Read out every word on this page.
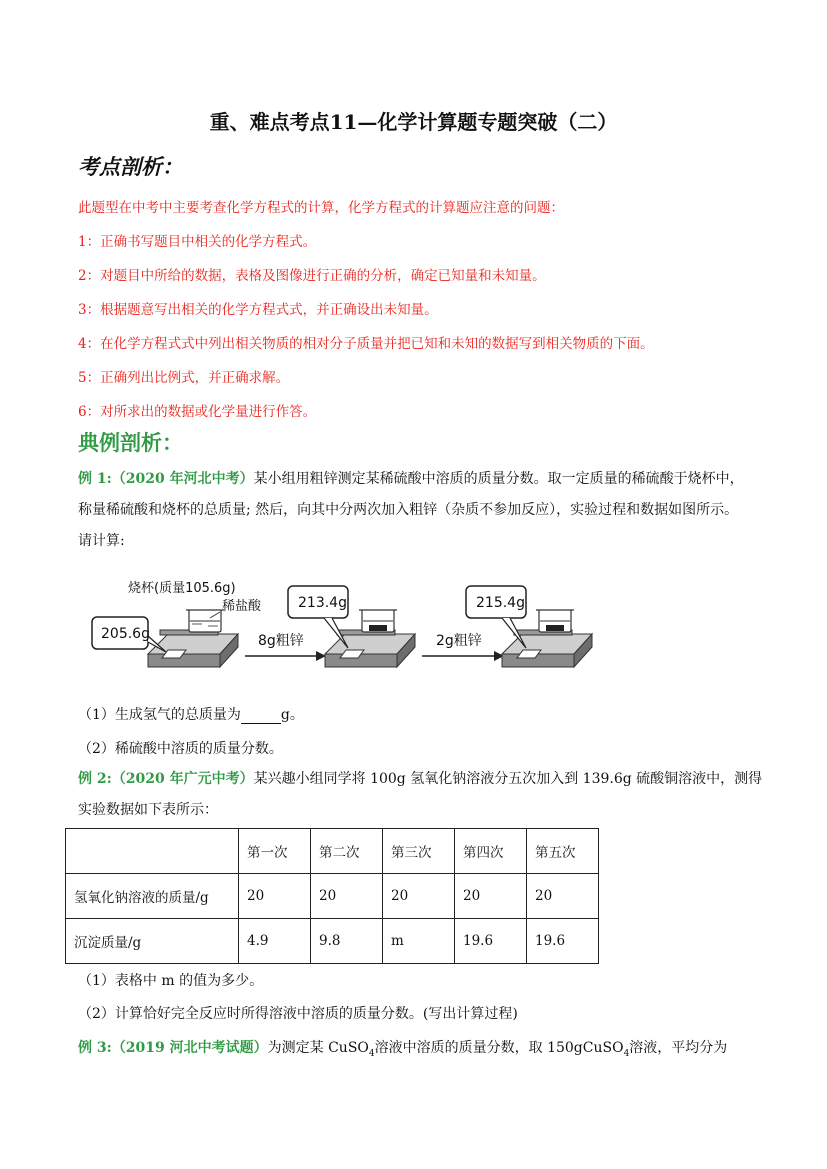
重、难点考点11—化学计算题专题突破（二）
考点剖析：
此题型在中考中主要考查化学方程式的计算，化学方程式的计算题应注意的问题：
1：正确书写题目中相关的化学方程式。
2：对题目中所给的数据，表格及图像进行正确的分析，确定已知量和未知量。
3：根据题意写出相关的化学方程式式，并正确设出未知量。
4：在化学方程式式中列出相关物质的相对分子质量并把已知和未知的数据写到相关物质的下面。
5：正确列出比例式，并正确求解。
6：对所求出的数据或化学量进行作答。
典例剖析：
例 1:（2020 年河北中考）某小组用粗锌测定某稀硫酸中溶质的质量分数。取一定质量的稀硫酸于烧杯中，
称量稀硫酸和烧杯的总质量; 然后，向其中分两次加入粗锌（杂质不参加反应），实验过程和数据如图所示。
请计算:
烧杯(质量105.6g)
稀盐酸
205.6g	8g粗锌
213.4g
2g粗锌
215.4g
（1）生成氢气的总质量为	g。
（2）稀硫酸中溶质的质量分数。
例 2:（2020 年广元中考）某兴趣小组同学将 100g 氢氧化钠溶液分五次加入到 139.6g 硫酸铜溶液中，测得
实验数据如下表所示：
	第一次	第二次	第三次	第四次	第五次
氢氧化钠溶液的质量/g	20	20	20	20	20
沉淀质量/g	4.9	9.8	m	19.6	19.6
（1）表格中 m 的值为多少。
（2）计算恰好完全反应时所得溶液中溶质的质量分数。(写出计算过程)
例 3:（2019 河北中考试题）为测定某 CuSO$_4$溶液中溶质的质量分数，取 150gCuSO$_4$溶液，平均分为
